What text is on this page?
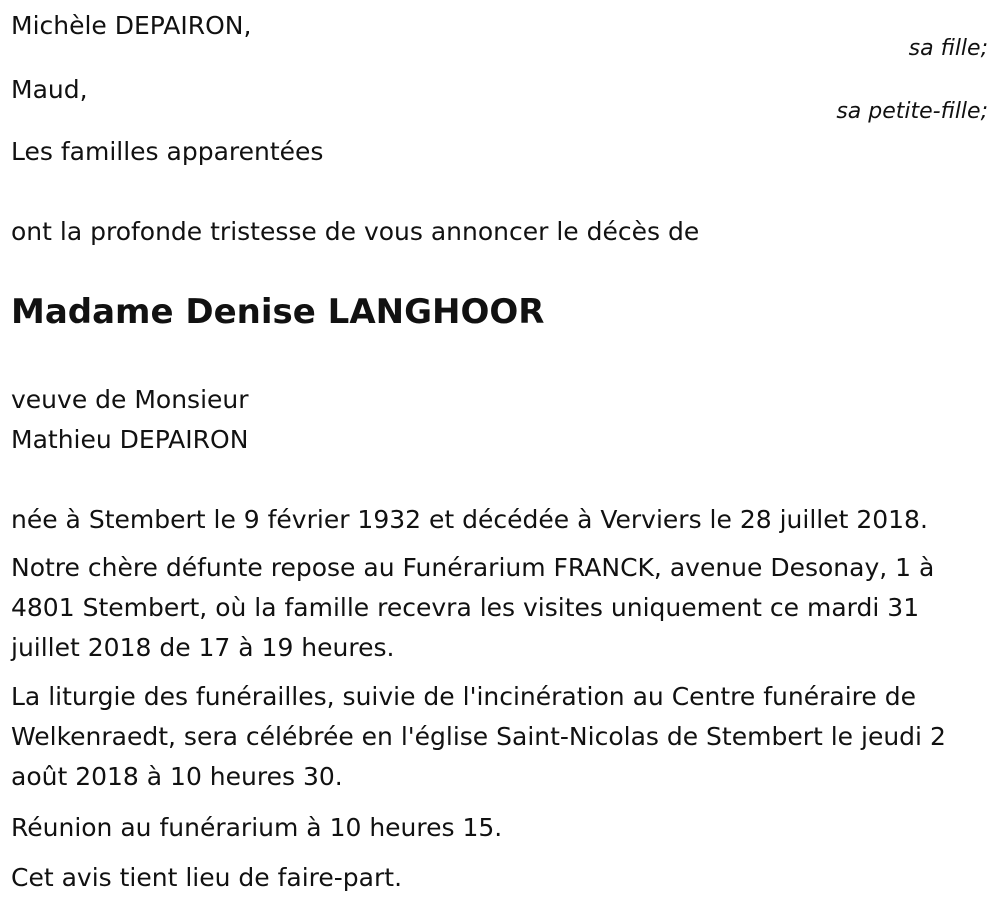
Michèle DEPAIRON,
sa fille;
Maud,
sa petite-fille;
Les familles apparentées
ont la profonde tristesse de vous annoncer le décès de
Madame Denise LANGHOOR
veuve de Monsieur
Mathieu DEPAIRON
née à Stembert le 9 février 1932 et décédée à Verviers le 28 juillet 2018.
Notre chère défunte repose au Funérarium FRANCK, avenue Desonay, 1 à 4801 Stembert, où la famille recevra les visites uniquement ce mardi 31 juillet 2018 de 17 à 19 heures.
La liturgie des funérailles, suivie de l'incinération au Centre funéraire de Welkenraedt, sera célébrée en l'église Saint-Nicolas de Stembert le jeudi 2 août 2018 à 10 heures 30.
Réunion au funérarium à 10 heures 15.
Cet avis tient lieu de faire-part.
